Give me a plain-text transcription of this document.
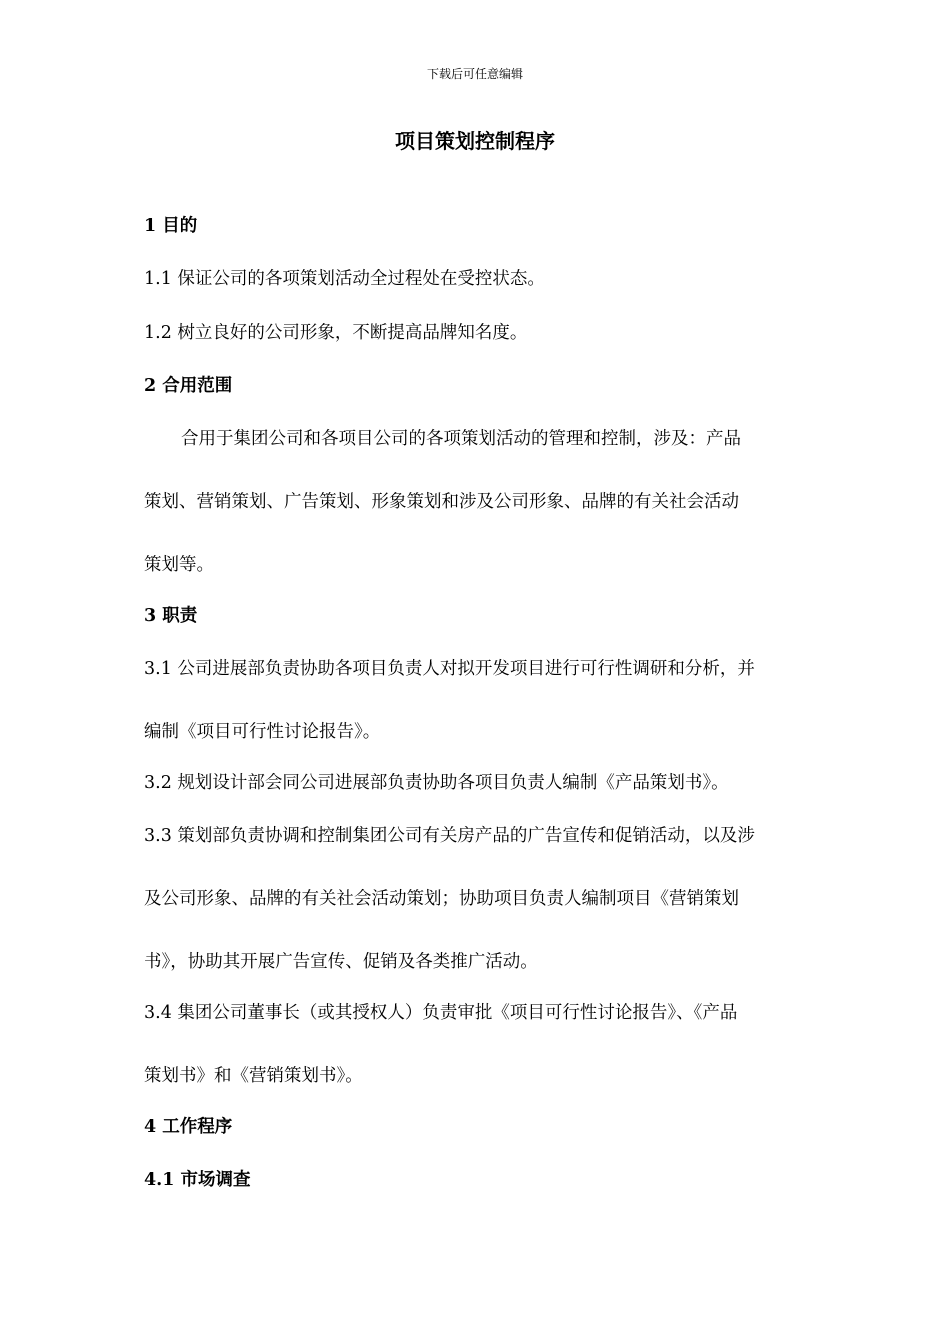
下载后可任意编辑
项目策划控制程序
1 目的
1.1 保证公司的各项策划活动全过程处在受控状态。
1.2 树立良好的公司形象，不断提高品牌知名度。
2 合用范围
合用于集团公司和各项目公司的各项策划活动的管理和控制，涉及：产品
策划、营销策划、广告策划、形象策划和涉及公司形象、品牌的有关社会活动
策划等。
3 职责
3.1 公司进展部负责协助各项目负责人对拟开发项目进行可行性调研和分析，并
编制《项目可行性讨论报告》。
3.2 规划设计部会同公司进展部负责协助各项目负责人编制《产品策划书》。
3.3 策划部负责协调和控制集团公司有关房产品的广告宣传和促销活动，以及涉
及公司形象、品牌的有关社会活动策划；协助项目负责人编制项目《营销策划
书》，协助其开展广告宣传、促销及各类推广活动。
3.4 集团公司董事长（或其授权人）负责审批《项目可行性讨论报告》、《产品
策划书》和《营销策划书》。
4 工作程序
4.1 市场调查
